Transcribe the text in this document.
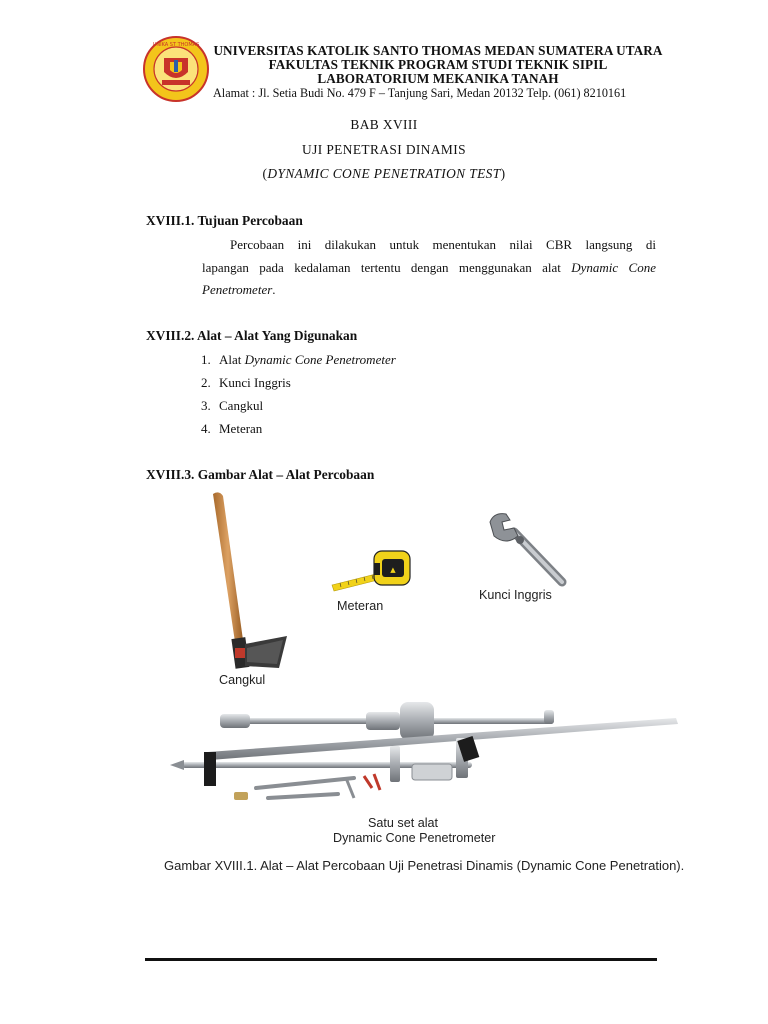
UNIKA ST THOMAS	UNIVERSITAS KATOLIK SANTO THOMAS MEDAN SUMATERA UTARA
FAKULTAS TEKNIK PROGRAM STUDI TEKNIK SIPIL
LABORATORIUM MEKANIKA TANAH
Alamat : Jl. Setia Budi No. 479 F – Tanjung Sari, Medan 20132 Telp. (061) 8210161
BAB XVIII
UJI PENETRASI DINAMIS
(DYNAMIC CONE PENETRATION TEST)
XVIII.1. Tujuan Percobaan
Percobaan ini dilakukan untuk menentukan nilai CBR langsung di
lapangan pada kedalaman tertentu dengan menggunakan alat Dynamic Cone
Penetrometer.
XVIII.2. Alat – Alat Yang Digunakan
1. Alat Dynamic Cone Penetrometer
2. Kunci Inggris
3. Cangkul
4. Meteran
XVIII.3. Gambar Alat – Alat Percobaan
Cangkul
▲
Meteran
Kunci Inggris
Satu set alat
Dynamic Cone Penetrometer
Gambar XVIII.1. Alat – Alat Percobaan Uji Penetrasi Dinamis (Dynamic Cone Penetration).
